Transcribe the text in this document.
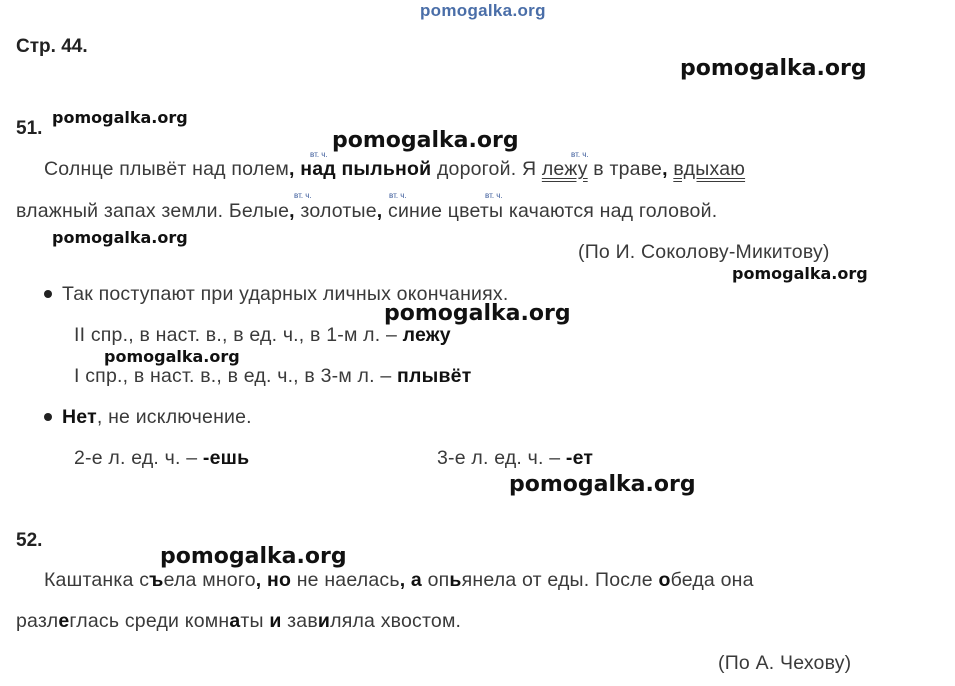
pomogalka.org
Стр. 44.
pomogalka.org
pomogalka.org
pomogalka.org
pomogalka.org
pomogalka.org
pomogalka.org
pomogalka.org
pomogalka.org
pomogalka.org
51.
вт. ч.	вт. ч.
Солнце плывёт над полем, над пыльной дорогой. Я лежу в траве, вдыхаю
вт. ч.	вт. ч.	вт. ч.
влажный запах земли. Белые, золотые, синие цветы качаются над головой.
(По И. Соколову-Микитову)
Так поступают при ударных личных окончаниях.
II спр., в наст. в., в ед. ч., в 1-м л. – лежу
I спр., в наст. в., в ед. ч., в 3-м л. – плывёт
Нет, не исключение.
2-е л. ед. ч. – -ешь	3-е л. ед. ч. – -ет
52.
Каштанка съела много, но не наелась, а опьянела от еды. После обеда она
разлеглась среди комнаты и завиляла хвостом.
(По А. Чехову)
